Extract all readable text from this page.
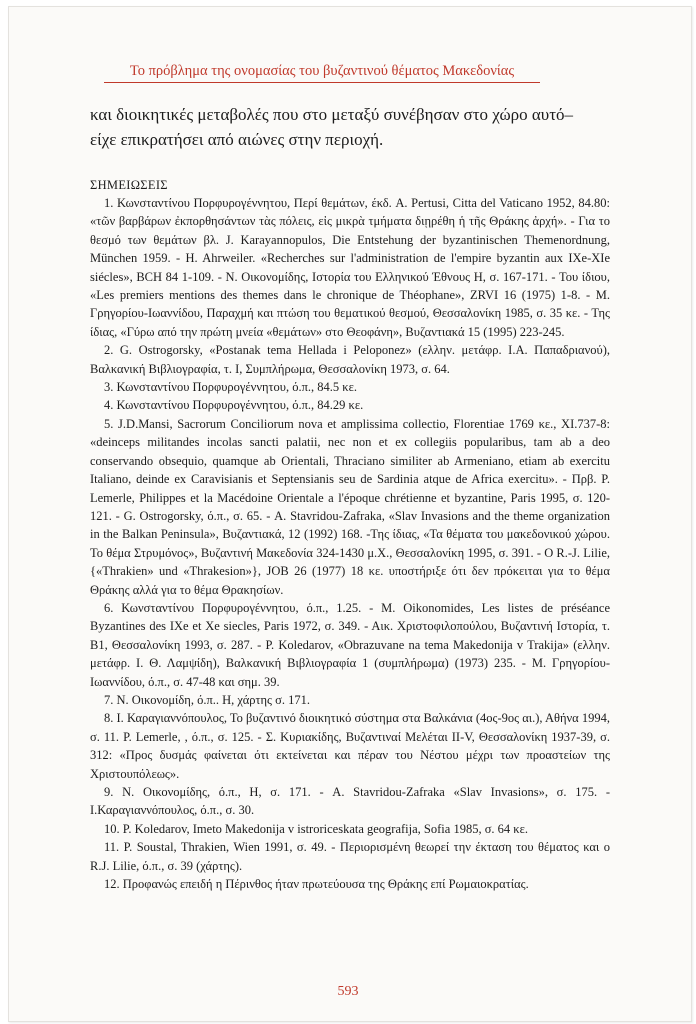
Το πρόβλημα της ονομασίας του βυζαντινού θέματος Μακεδονίας
και διοικητικές μεταβολές που στο μεταξύ συνέβησαν στο χώρο αυτό–
είχε επικρατήσει από αιώνες στην περιοχή.
ΣΗΜΕΙΩΣΕΙΣ

1. Κωνσταντίνου Πορφυρογέννητου, Περί θεμάτων, έκδ. A. Pertusi, Citta del Vaticano 1952, 84.80: «τῶν βαρβάρων ἐκπορθησάντων τὰς πόλεις, εἰς μικρὰ τμήματα διῃρέθη ἡ τῆς Θράκης ἀρχή». - Για το θεσμό των θεμάτων βλ. J. Karayannopulos, Die Entstehung der byzantinischen Themenordnung, München 1959. - H. Ahrweiler. «Recherches sur l'administration de l'empire byzantin aux IXe-XIe siécles», BCH 84 1-109. - Ν. Οικονομίδης, Ιστορία του Ελληνικού Έθνους Η, σ. 167-171. - Του ίδιου, «Les premiers mentions des themes dans le chronique de Théophane», ZRVI 16 (1975) 1-8. - Μ. Γρηγορίου-Ιωαννίδου, Παραχμή και πτώση του θεματικού θεσμού, Θεσσαλονίκη 1985, σ. 35 κε. - Της ίδιας, «Γύρω από την πρώτη μνεία «θεμάτων» στο Θεοφάνη», Βυζαντιακά 15 (1995) 223-245.

2. G. Ostrogorsky, «Postanak tema Hellada i Peloponez» (ελλην. μετάφρ. Ι.Α. Παπαδριανού), Βαλκανική Βιβλιογραφία, τ. Ι, Συμπλήρωμα, Θεσσαλονίκη 1973, σ. 64.

3. Κωνσταντίνου Πορφυρογέννητου, ό.π., 84.5 κε.

4. Κωνσταντίνου Πορφυρογέννητου, ό.π., 84.29 κε.

5. J.D.Mansi, Sacrorum Conciliorum nova et amplissima collectio, Florentiae 1769 κε., XI.737-8: «deinceps militandes incolas sancti palatii, nec non et ex collegiis popularibus, tam ab a deo conservando obsequio, quamque ab Orientali, Thraciano similiter ab Armeniano, etiam ab exercitu Italiano, deinde ex Caravisianis et Septensianis seu de Sardinia atque de Africa exercitu». - Πρβ. P. Lemerle, Philippes et la Macédoine Orientale a l'époque chrétienne et byzantine, Paris 1995, σ. 120-121. - G. Ostrogorsky, ό.π., σ. 65. - A. Stavridou-Zafraka, «Slav Invasions and the theme organization in the Balkan Peninsula», Βυζαντιακά, 12 (1992) 168. -Της ίδιας, «Τα θέματα του μακεδονικού χώρου. Το θέμα Στρυμόνος», Βυζαντινή Μακεδονία 324-1430 μ.Χ., Θεσσαλονίκη 1995, σ. 391. - O R.-J. Lilie, {«Thrakien» und «Thrakesion»}, JOB 26 (1977) 18 κε. υποστήριξε ότι δεν πρόκειται για το θέμα Θράκης αλλά για το θέμα Θρακησίων.

6. Κωνσταντίνου Πορφυρογέννητου, ό.π., 1.25. - M. Oikonomides, Les listes de préséance Byzantines des IXe et Xe siecles, Paris 1972, σ. 349. - Αικ. Χριστοφιλοπούλου, Βυζαντινή Ιστορία, τ. Β1, Θεσσαλονίκη 1993, σ. 287. - P. Koledarov, «Obrazuvane na tema Makedonija v Trakija» (ελλην. μετάφρ. Ι. Θ. Λαμψίδη), Βαλκανική Βιβλιογραφία 1 (συμπλήρωμα) (1973) 235. - Μ. Γρηγορίου-Ιωαννίδου, ό.π., σ. 47-48 και σημ. 39.

7. Ν. Οικονομίδη, ό.π.. Η, χάρτης σ. 171.

8. Ι. Καραγιαννόπουλος, Το βυζαντινό διοικητικό σύστημα στα Βαλκάνια (4ος-9ος αι.), Αθήνα 1994, σ. 11. P. Lemerle, , ό.π., σ. 125. - Σ. Κυριακίδης, Βυζαντιναί Μελέται II-V, Θεσσαλονίκη 1937-39, σ. 312: «Προς δυσμάς φαίνεται ότι εκτείνεται και πέραν του Νέστου μέχρι των προαστείων της Χριστουπόλεως».

9. Ν. Οικονομίδης, ό.π., Η, σ. 171. - A. Stavridou-Zafraka «Slav Invasions», σ. 175. - Ι.Καραγιαννόπουλος, ό.π., σ. 30.

10. P. Koledarov, Imeto Makedonija v istroriceskata geografija, Sofia 1985, σ. 64 κε.

11. P. Soustal, Thrakien, Wien 1991, σ. 49. - Περιορισμένη θεωρεί την έκταση του θέματος και ο R.J. Lilie, ό.π., σ. 39 (χάρτης).

12. Προφανώς επειδή η Πέρινθος ήταν πρωτεύουσα της Θράκης επί Ρωμαιοκρατίας.

593
